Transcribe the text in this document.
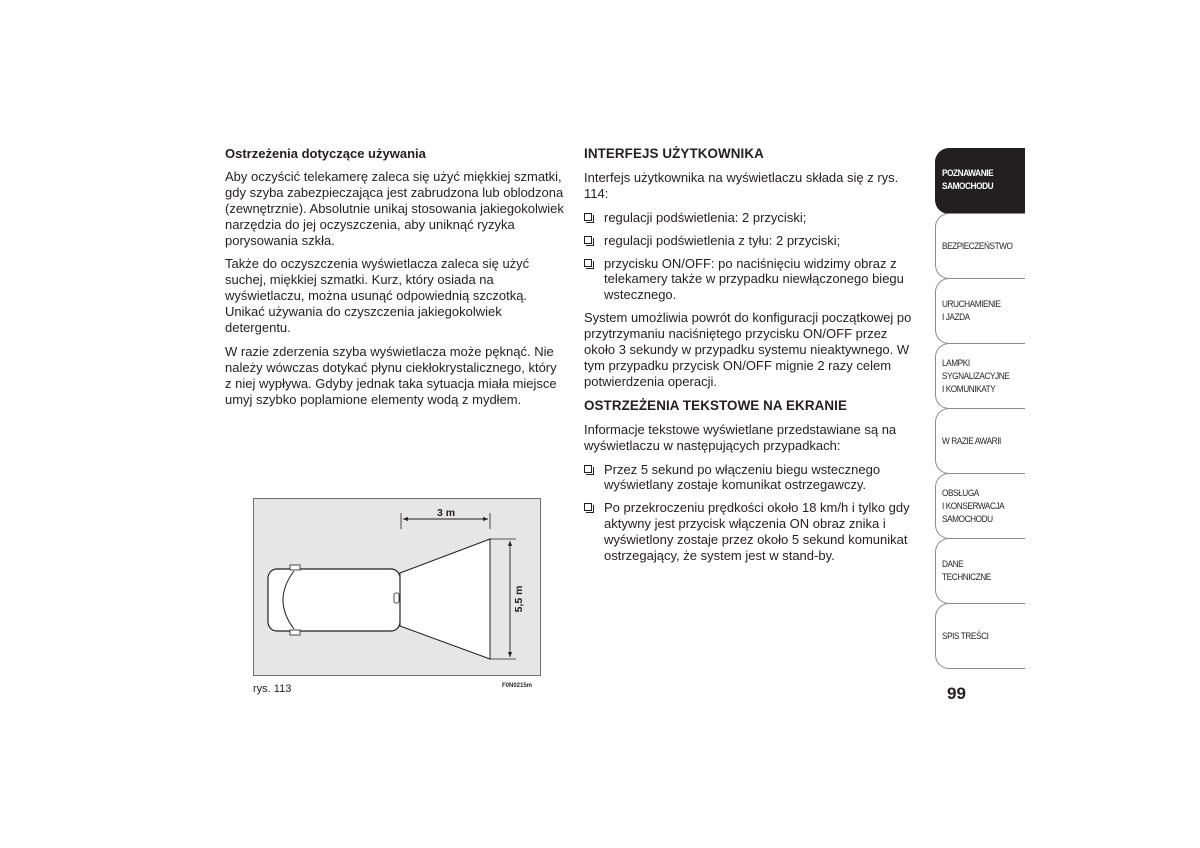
Ostrzeżenia dotyczące używania

Aby oczyścić telekamerę zaleca się użyć miękkiej szmatki, gdy szyba zabezpieczająca jest zabrudzona lub oblodzona (zewnętrznie). Absolutnie unikaj stosowania jakiegokolwiek narzędzia do jej oczyszczenia, aby uniknąć ryzyka porysowania szkła.

Także do oczyszczenia wyświetlacza zaleca się użyć suchej, miękkiej szmatki. Kurz, który osiada na wyświetlaczu, można usunąć odpowiednią szczotką. Unikać używania do czyszczenia jakiegokolwiek detergentu.

W razie zderzenia szyba wyświetlacza może pęknąć. Nie należy wówczas dotykać płynu ciekłokrystalicznego, który z niej wypływa. Gdyby jednak taka sytuacja miała miejsce umyj szybko poplamione elementy wodą z mydłem.

3 m
5,5 m
rys. 113	F0N0215m

INTERFEJS UŻYTKOWNIKA

Interfejs użytkownika na wyświetlaczu składa się z rys. 114:

regulacji podświetlenia: 2 przyciski;
regulacji podświetlenia z tyłu: 2 przyciski;
przycisku ON/OFF: po naciśnięciu widzimy obraz z telekamery także w przypadku niewłączonego biegu wstecznego.

System umożliwia powrót do konfiguracji początkowej po przytrzymaniu naciśniętego przycisku ON/OFF przez około 3 sekundy w przypadku systemu nieaktywnego. W tym przypadku przycisk ON/OFF mignie 2 razy celem potwierdzenia operacji.

OSTRZEŻENIA TEKSTOWE NA EKRANIE

Informacje tekstowe wyświetlane przedstawiane są na wyświetlaczu w następujących przypadkach:

Przez 5 sekund po włączeniu biegu wstecznego wyświetlany zostaje komunikat ostrzegawczy.
Po przekroczeniu prędkości około 18 km/h i tylko gdy aktywny jest przycisk włączenia ON obraz znika i wyświetlony zostaje przez około 5 sekund komunikat ostrzegający, że system jest w stand-by.
POZNAWANIE
SAMOCHODU
BEZPIECZEŃSTWO
URUCHAMIENIE
I JAZDA
LAMPKI
SYGNALIZACYJNE
I KOMUNIKATY
W RAZIE AWARII
OBSŁUGA
I KONSERWACJA
SAMOCHODU
DANE TECHNICZNE
SPIS TREŚCI
99
